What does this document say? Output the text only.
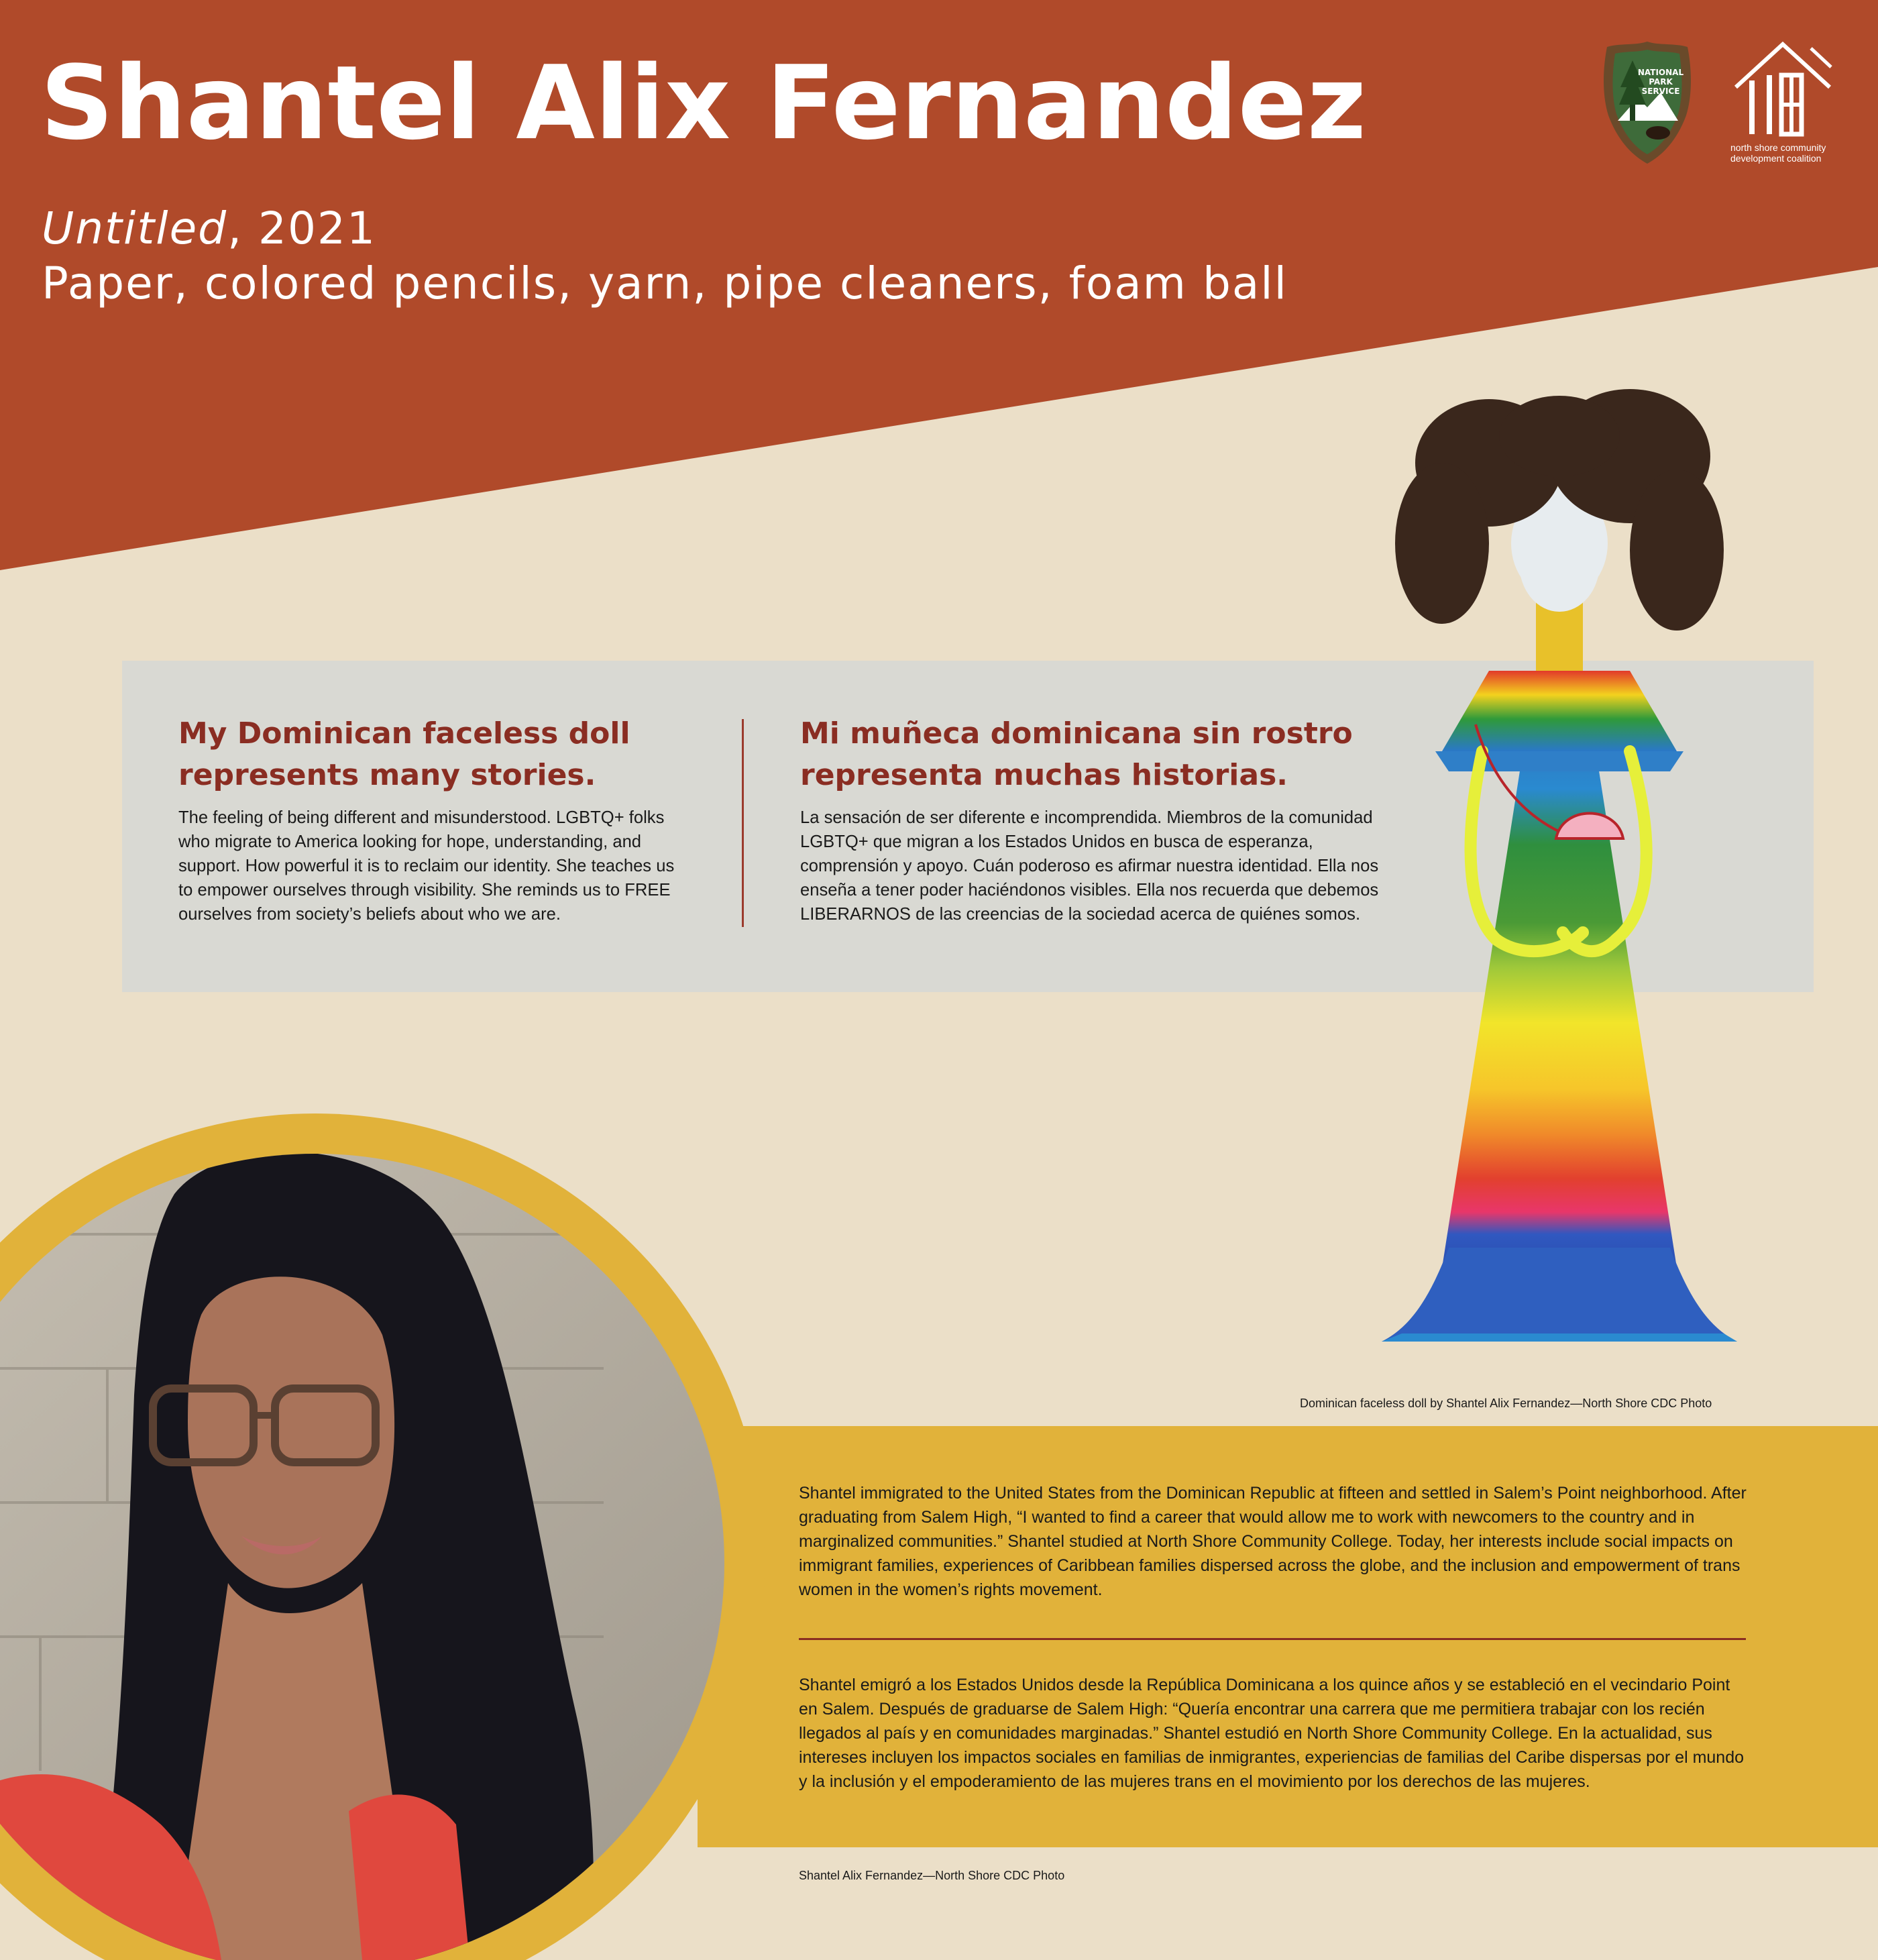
Shantel Alix Fernandez
Untitled, 2021
Paper, colored pencils, yarn, pipe cleaners, foam ball
NATIONAL
PARK
SERVICE
north shore community
development coalition
My Dominican faceless doll
represents many stories.

The feeling of being different and misunderstood. LGBTQ+ folks who migrate to America looking for hope, understanding, and support. How powerful it is to reclaim our identity. She teaches us to empower ourselves through visibility. She reminds us to FREE ourselves from society’s beliefs about who we are.

Mi muñeca dominicana sin rostro
representa muchas historias.

La sensación de ser diferente e incomprendida. Miembros de la comunidad LGBTQ+ que migran a los Estados Unidos en busca de esperanza, comprensión y apoyo. Cuán poderoso es afirmar nuestra identidad. Ella nos enseña a tener poder haciéndonos visibles. Ella nos recuerda que debemos LIBERARNOS de las creencias de la sociedad acerca de quiénes somos.

Dominican faceless doll by Shantel Alix Fernandez—North Shore CDC Photo

Shantel immigrated to the United States from the Dominican Republic at fifteen and settled in Salem’s Point neighborhood. After graduating from Salem High, “I wanted to find a career that would allow me to work with newcomers to the country and in marginalized communities.” Shantel studied at North Shore Community College. Today, her interests include social impacts on immigrant families, experiences of Caribbean families dispersed across the globe, and the inclusion and empowerment of trans women in the women’s rights movement.

Shantel emigró a los Estados Unidos desde la República Dominicana a los quince años y se estableció en el vecindario Point en Salem. Después de graduarse de Salem High: “Quería encontrar una carrera que me permitiera trabajar con los recién llegados al país y en comunidades marginadas.” Shantel estudió en North Shore Community College. En la actualidad, sus intereses incluyen los impactos sociales en familias de inmigrantes, experiencias de familias del Caribe dispersas por el mundo y la inclusión y el empoderamiento de las mujeres trans en el movimiento por los derechos de las mujeres.

Shantel Alix Fernandez—North Shore CDC Photo
